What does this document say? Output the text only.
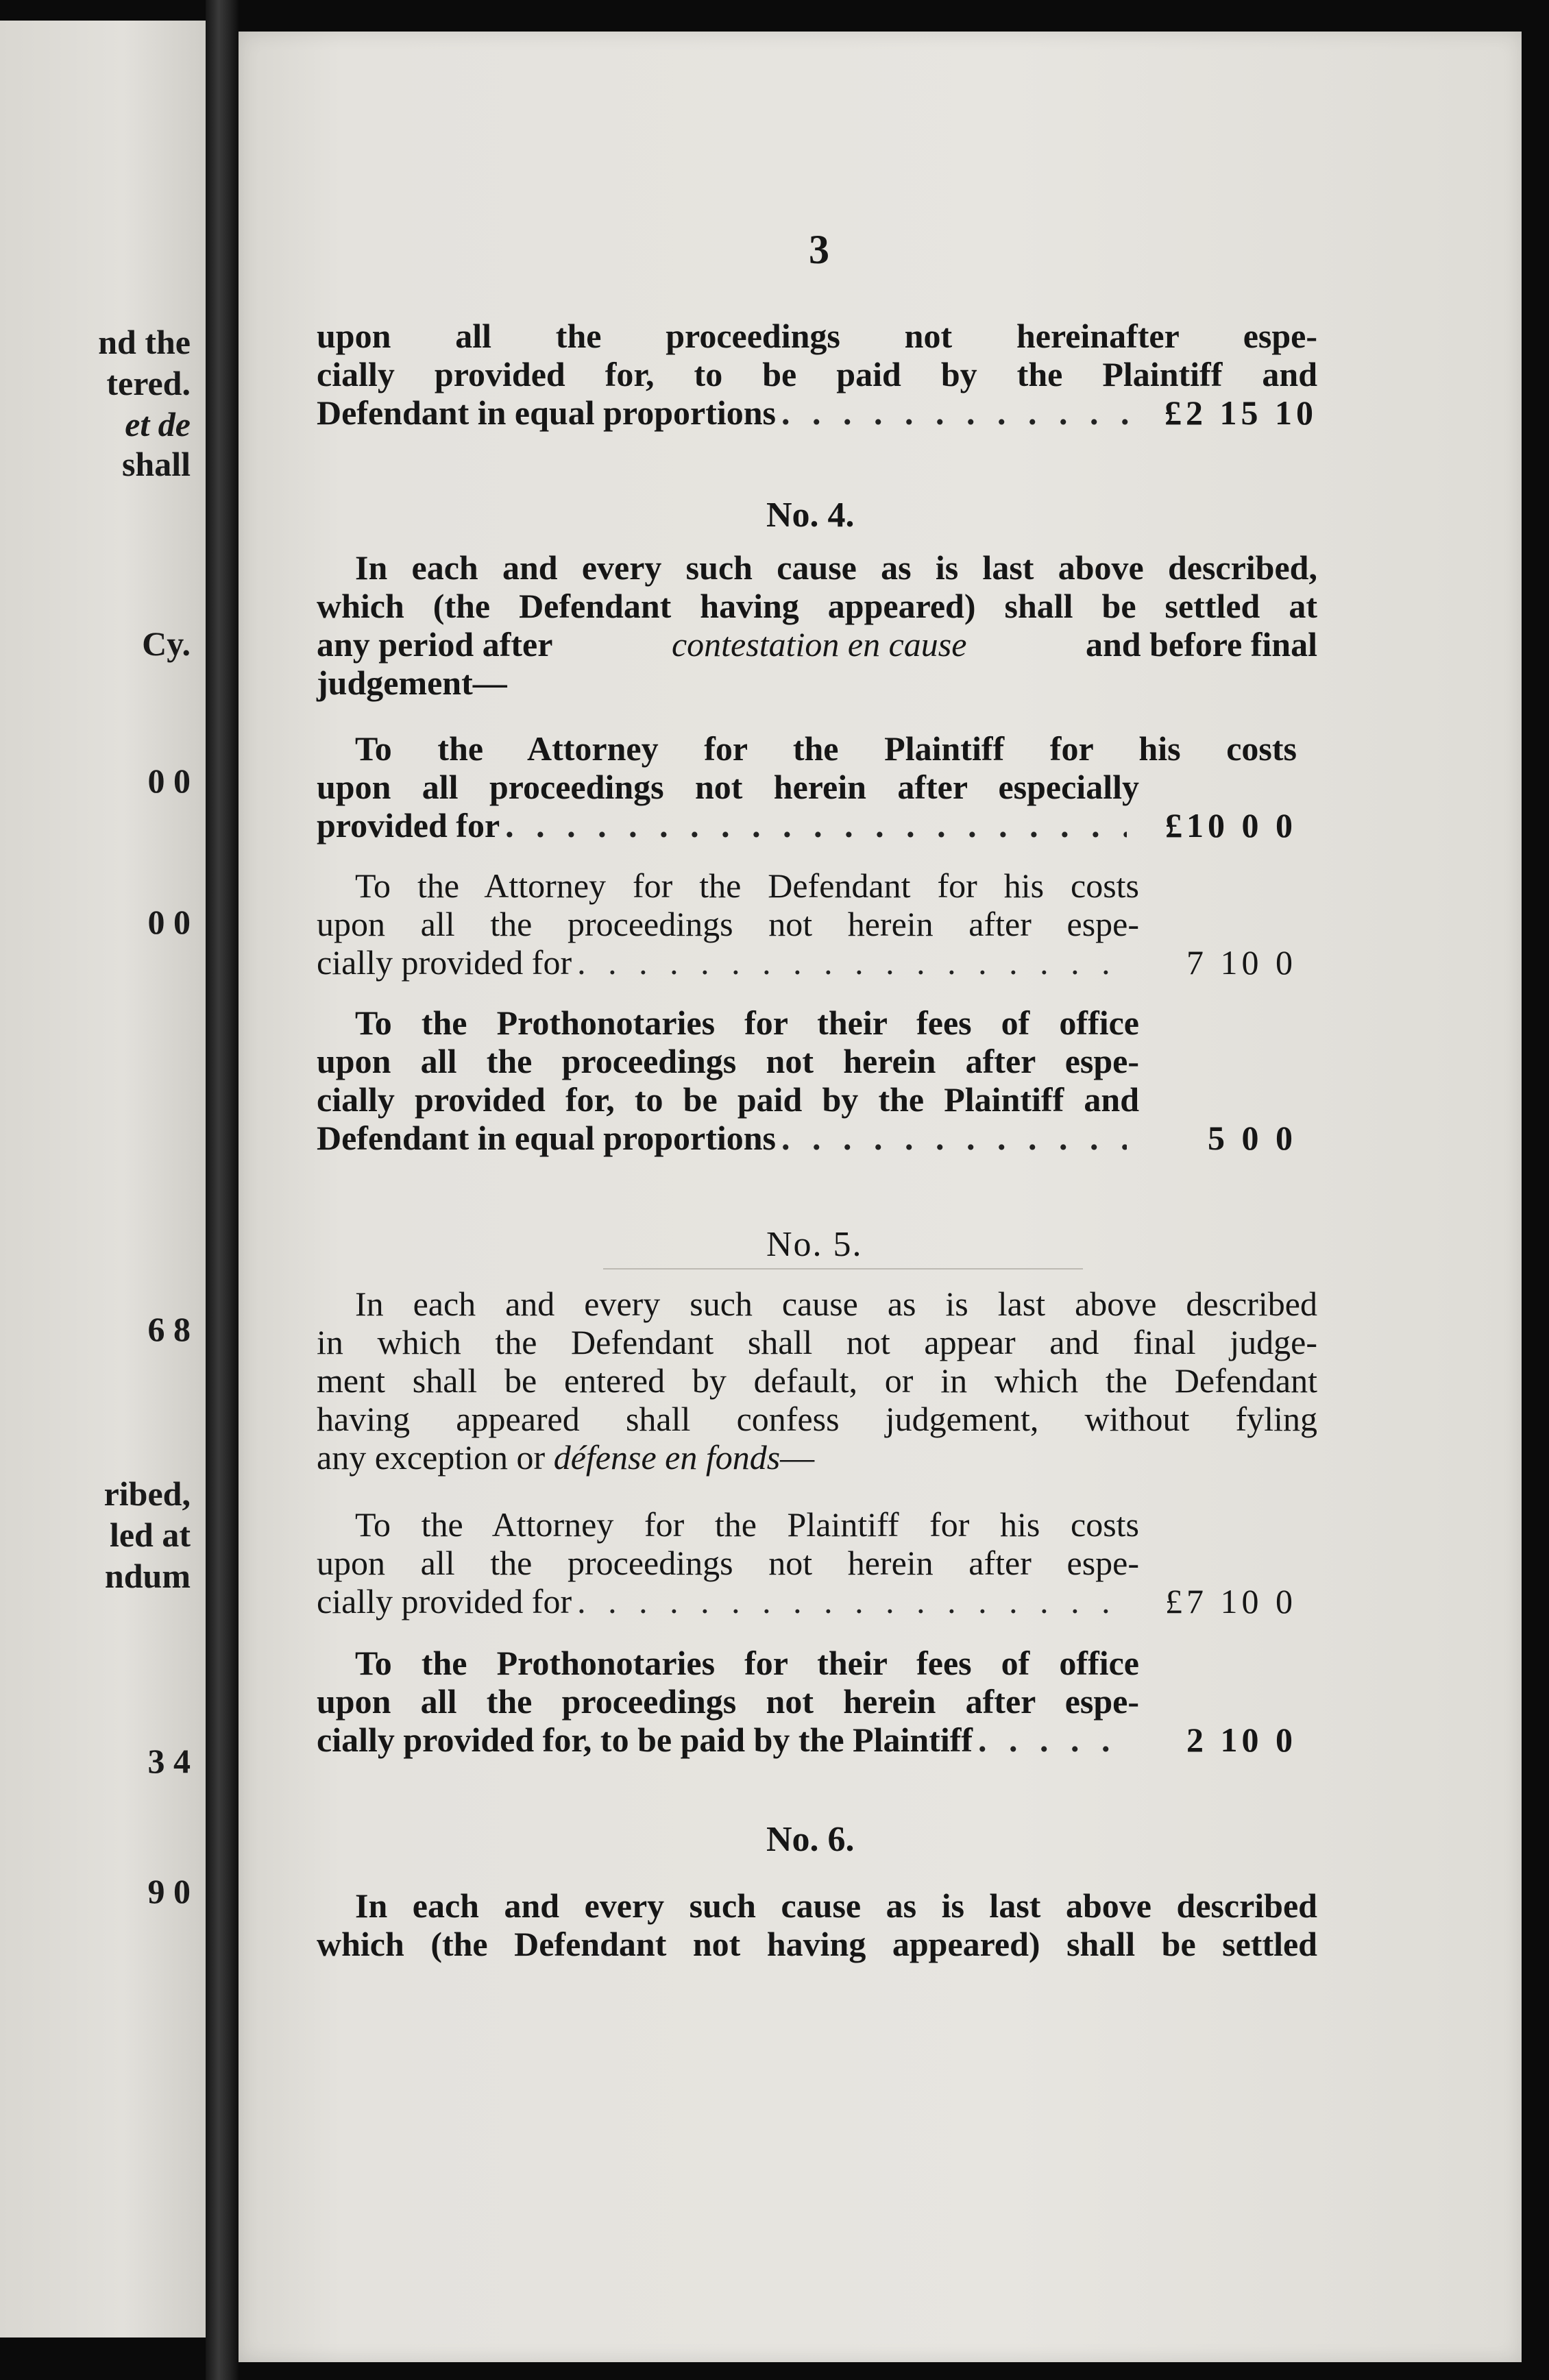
nd the
tered.
et de
shall
Cy.
0 0
0 0
6 8
ribed,
led at
ndum
3 4
9 0

3
upon all the proceedings not hereinafter espe-
cially provided for, to be paid by the Plaintiff and
Defendant in equal proportions . . .	£2 15 10
No. 4.
In each and every such cause as is last above described,
which (the Defendant having appeared) shall be settled at
any period after	contestation en cause	and before final
judgement—
To the Attorney for the Plaintiff for his costs
upon all proceedings not herein after especially
provided for . . .	£10 0 0
To the Attorney for the Defendant for his costs
upon all the proceedings not herein after espe-
cially provided for . . .	7 10 0
To the Prothonotaries for their fees of office
upon all the proceedings not herein after espe-
cially provided for, to be paid by the Plaintiff and
Defendant in equal proportions . . .	5 0 0
No. 5.
In each and every such cause as is last above described
in which the Defendant shall not appear and final judge-
ment shall be entered by default, or in which the Defendant
having appeared shall confess judgement, without fyling
any exception or défense en fonds—
To the Attorney for the Plaintiff for his costs
upon all the proceedings not herein after espe-
cially provided for . . .	£7 10 0
To the Prothonotaries for their fees of office
upon all the proceedings not herein after espe-
cially provided for, to be paid by the Plaintiff . . .	2 10 0
No. 6.
In each and every such cause as is last above described
which (the Defendant not having appeared) shall be settled
